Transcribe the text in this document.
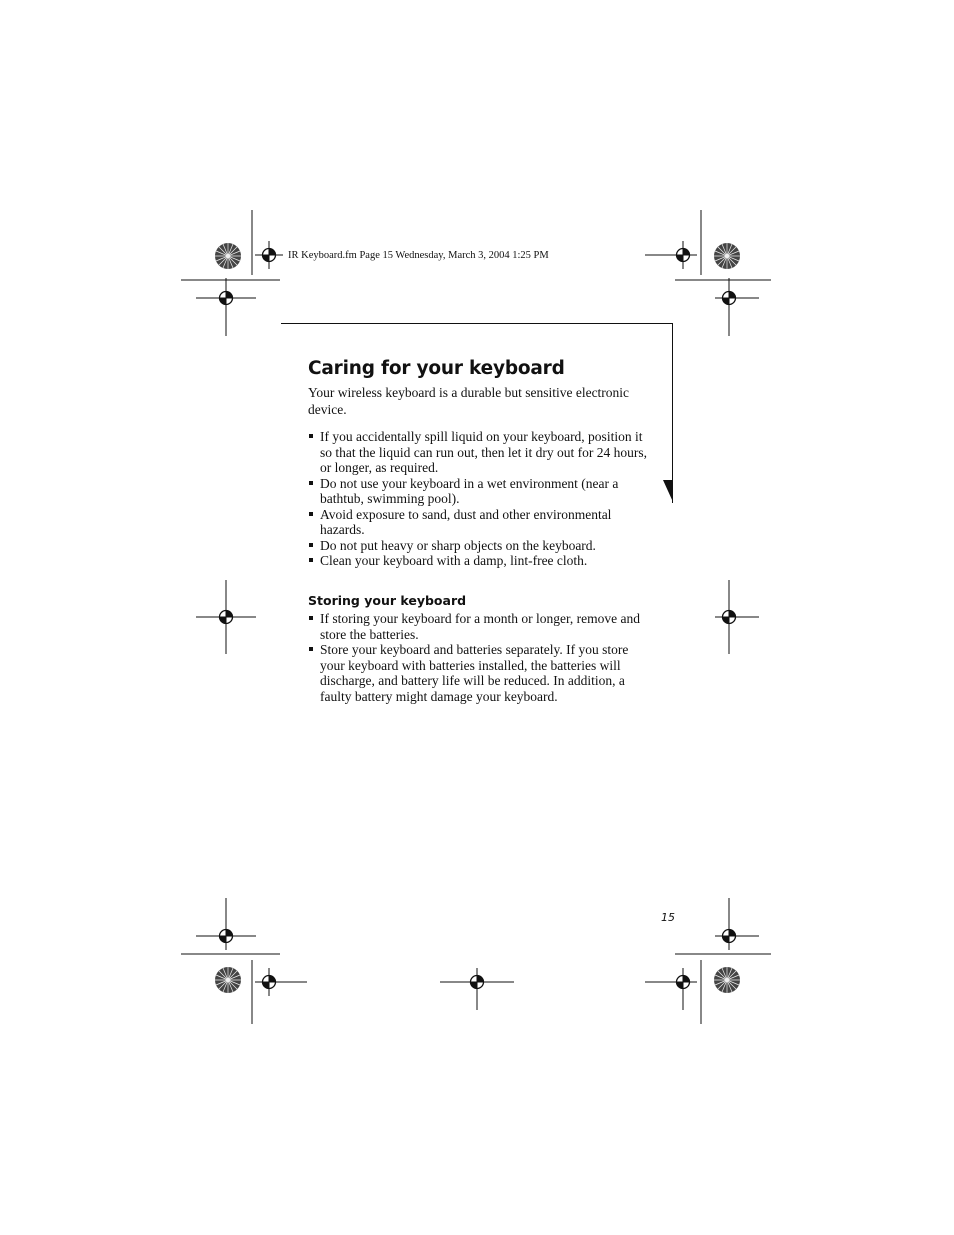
IR Keyboard.fm Page 15 Wednesday, March 3, 2004 1:25 PM
Caring for your keyboard
Your wireless keyboard is a durable but sensitive electronic device.
If you accidentally spill liquid on your keyboard, position it so that the liquid can run out, then let it dry out for 24 hours, or longer, as required.
Do not use your keyboard in a wet environment (near a bathtub, swimming pool).
Avoid exposure to sand, dust and other environmental hazards.
Do not put heavy or sharp objects on the keyboard.
Clean your keyboard with a damp, lint-free cloth.
Storing your keyboard
If storing your keyboard for a month or longer, remove and store the batteries.
Store your keyboard and batteries separately. If you store your keyboard with batteries installed, the batteries will discharge, and battery life will be reduced. In addition, a faulty battery might damage your keyboard.
15
